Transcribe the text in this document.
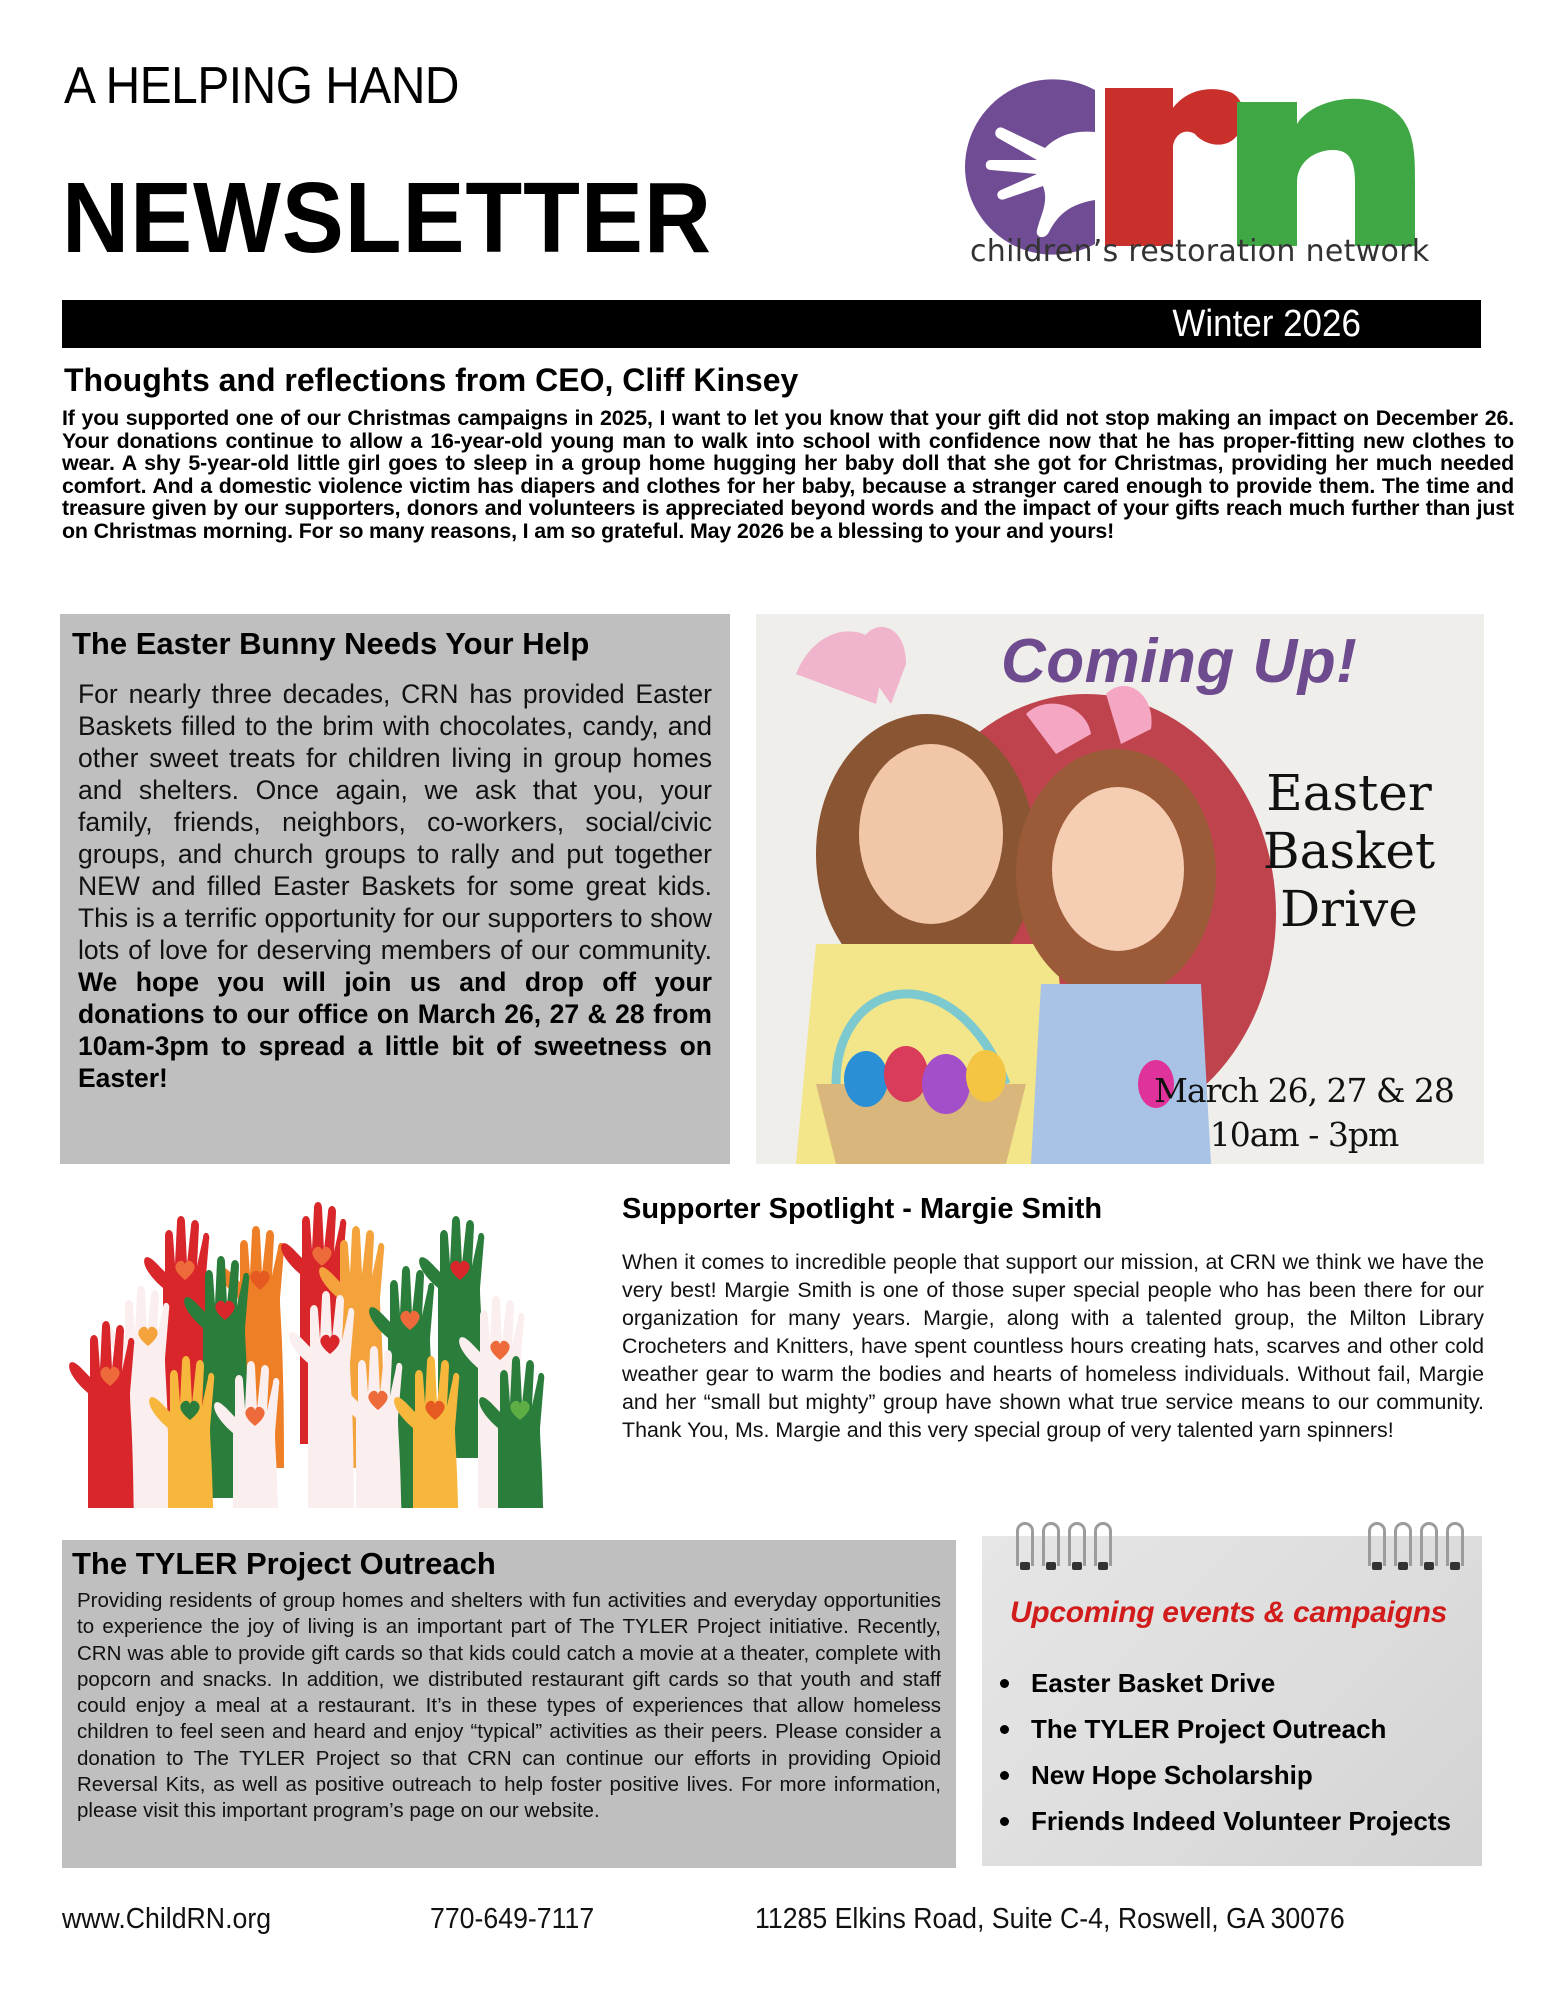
A HELPING HAND
NEWSLETTER	children’s restoration network
Winter 2026
Thoughts and reflections from CEO, Cliff Kinsey
If you supported one of our Christmas campaigns in 2025, I want to let you know that your gift did not stop making an impact on December 26. Your donations continue to allow a 16-year-old young man to walk into school with confidence now that he has proper-fitting new clothes to wear. A shy 5-year-old little girl goes to sleep in a group home hugging her baby doll that she got for Christmas, providing her much needed comfort. And a domestic violence victim has diapers and clothes for her baby, because a stranger cared enough to provide them. The time and treasure given by our supporters, donors and volunteers is appreciated beyond words and the impact of your gifts reach much further than just on Christmas morning. For so many reasons, I am so grateful. May 2026 be a blessing to your and yours!
The Easter Bunny Needs Your Help
For nearly three decades, CRN has provided Easter Baskets filled to the brim with chocolates, candy, and other sweet treats for children living in group homes and shelters. Once again, we ask that you, your family, friends, neighbors, co-workers, social/civic groups, and church groups to rally and put together NEW and filled Easter Baskets for some great kids. This is a terrific opportunity for our supporters to show lots of love for deserving members of our community. We hope you will join us and drop off your donations to our office on March 26, 27 & 28 from 10am-3pm to spread a little bit of sweetness on Easter!
Coming Up!
Easter
Basket
Drive
March 26, 27 & 28
10am - 3pm
Supporter Spotlight - Margie Smith
When it comes to incredible people that support our mission, at CRN we think we have the very best! Margie Smith is one of those super special people who has been there for our organization for many years. Margie, along with a talented group, the Milton Library Crocheters and Knitters, have spent countless hours creating hats, scarves and other cold weather gear to warm the bodies and hearts of homeless individuals. Without fail, Margie and her “small but mighty” group have shown what true service means to our community. Thank You, Ms. Margie and this very special group of very talented yarn spinners!
The TYLER Project Outreach
Providing residents of group homes and shelters with fun activities and everyday opportunities to experience the joy of living is an important part of The TYLER Project initiative. Recently, CRN was able to provide gift cards so that kids could catch a movie at a theater, complete with popcorn and snacks. In addition, we distributed restaurant gift cards so that youth and staff could enjoy a meal at a restaurant. It’s in these types of experiences that allow homeless children to feel seen and heard and enjoy “typical” activities as their peers. Please consider a donation to The TYLER Project so that CRN can continue our efforts in providing Opioid Reversal Kits, as well as positive outreach to help foster positive lives. For more information, please visit this important program’s page on our website.
Upcoming events & campaigns
Easter Basket Drive
The TYLER Project Outreach
New Hope Scholarship
Friends Indeed Volunteer Projects
www.ChildRN.org	770-649-7117	11285 Elkins Road, Suite C-4, Roswell, GA 30076
